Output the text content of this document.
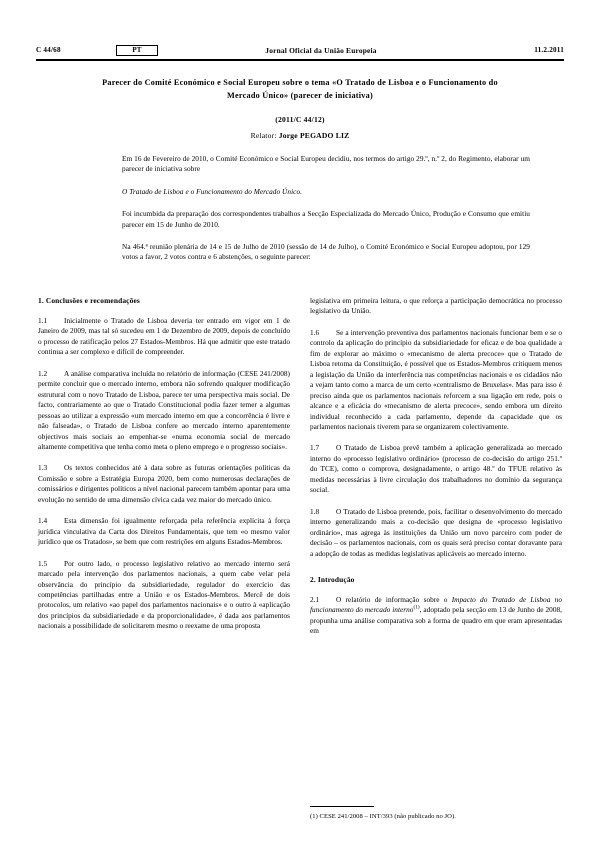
C 44/68	PT	Jornal Oficial da União Europeia	11.2.2011
Parecer do Comité Económico e Social Europeu sobre o tema «O Tratado de Lisboa e o Funcionamento do Mercado Único» (parecer de iniciativa)
(2011/C 44/12)
Relator: Jorge PEGADO LIZ

Em 16 de Fevereiro de 2010, o Comité Económico e Social Europeu decidiu, nos termos do artigo 29.º, n.º 2, do Regimento, elaborar um parecer de iniciativa sobre

O Tratado de Lisboa e o Funcionamento do Mercado Único.

Foi incumbida da preparação dos correspondentes trabalhos a Secção Especializada do Mercado Único, Produção e Consumo que emitiu parecer em 15 de Junho de 2010.

Na 464.ª reunião plenária de 14 e 15 de Julho de 2010 (sessão de 14 de Julho), o Comité Económico e Social Europeu adoptou, por 129 votos a favor, 2 votos contra e 6 abstenções, o seguinte parecer:

1. Conclusões e recomendações

1.1 Inicialmente o Tratado de Lisboa deveria ter entrado em vigor em 1 de Janeiro de 2009, mas tal só sucedeu em 1 de Dezembro de 2009, depois de concluído o processo de ratificação pelos 27 Estados-Membros. Há que admitir que este tratado continua a ser complexo e difícil de compreender.

1.2 A análise comparativa incluída no relatório de informação (CESE 241/2008) permite concluir que o mercado interno, embora não sofrendo qualquer modificação estrutural com o novo Tratado de Lisboa, parece ter uma perspectiva mais social. De facto, contrariamente ao que o Tratado Constitucional podia fazer temer a algumas pessoas ao utilizar a expressão «um mercado interno em que a concorrência é livre e não falseada», o Tratado de Lisboa confere ao mercado interno aparentemente objectivos mais sociais ao empenhar-se «numa economia social de mercado altamente competitiva que tenha como meta o pleno emprego e o progresso sociais».

1.3 Os textos conhecidos até à data sobre as futuras orientações políticas da Comissão e sobre a Estratégia Europa 2020, bem como numerosas declarações de comissários e dirigentes políticos a nível nacional parecem também apontar para uma evolução no sentido de uma dimensão cívica cada vez maior do mercado único.

1.4 Esta dimensão foi igualmente reforçada pela referência explícita à força jurídica vinculativa da Carta dos Direitos Fundamentais, que tem «o mesmo valor jurídico que os Tratados», se bem que com restrições em alguns Estados-Membros.

1.5 Por outro lado, o processo legislativo relativo ao mercado interno será marcado pela intervenção dos parlamentos nacionais, a quem cabe velar pela observância do princípio da subsidiariedade, regulador do exercício das competências partilhadas entre a União e os Estados-Membros. Mercê de dois protocolos, um relativo «ao papel dos parlamentos nacionais» e o outro à «aplicação dos princípios da subsidiariedade e da proporcionalidade», é dada aos parlamentos nacionais a possibilidade de solicitarem mesmo o reexame de uma proposta

legislativa em primeira leitura, o que reforça a participação democrática no processo legislativo da União.

1.6 Se a intervenção preventiva dos parlamentos nacionais funcionar bem e se o controlo da aplicação do princípio da subsidiariedade for eficaz e de boa qualidade a fim de explorar ao máximo o «mecanismo de alerta precoce» que o Tratado de Lisboa retoma da Constituição, é possível que os Estados-Membros critiquem menos a legislação da União da interferência nas competências nacionais e os cidadãos não a vejam tanto como a marca de um certo «centralismo de Bruxelas». Mas para isso é preciso ainda que os parlamentos nacionais reforcem a sua ligação em rede, pois o alcance e a eficácia do «mecanismo de alerta precoce», sendo embora um direito individual reconhecido a cada parlamento, depende da capacidade que os parlamentos nacionais tiverem para se organizarem colectivamente.

1.7 O Tratado de Lisboa prevê também a aplicação generalizada ao mercado interno do «processo legislativo ordinário» (processo de co-decisão do artigo 251.º do TCE), como o comprova, designadamente, o artigo 48.º do TFUE relativo às medidas necessárias à livre circulação dos trabalhadores no domínio da segurança social.

1.8 O Tratado de Lisboa pretende, pois, facilitar o desenvolvimento do mercado interno generalizando mais a co-decisão que designa de «processo legislativo ordinário», mas agrega às instituições da União um novo parceiro com poder de decisão – os parlamentos nacionais, com os quais será preciso contar doravante para a adopção de todas as medidas legislativas aplicáveis ao mercado interno.

2. Introdução

2.1 O relatório de informação sobre o Impacto do Tratado de Lisboa no funcionamento do mercado interno$^{(1)}$, adoptado pela secção em 13 de Junho de 2008, propunha uma análise comparativa sob a forma de quadro em que eram apresentadas em

(1) CESE 241/2008 – INT/393 (não publicado no JO).
